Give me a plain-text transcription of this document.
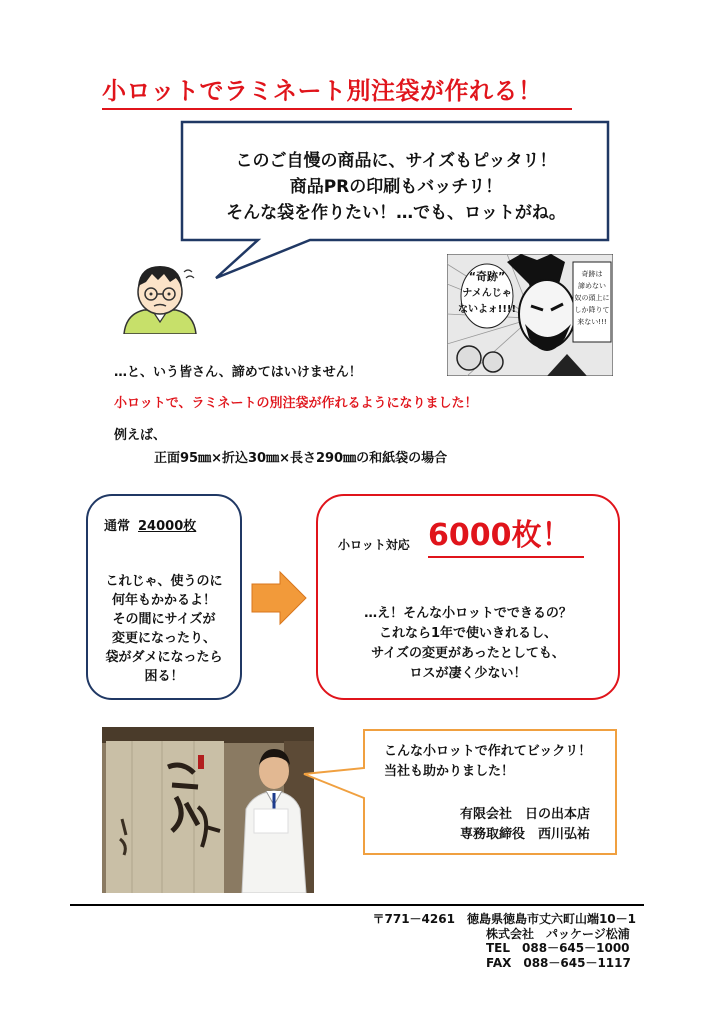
小ロットでラミネート別注袋が作れる！
このご自慢の商品に、サイズもピッタリ！
商品PRの印刷もバッチリ！
そんな袋を作りたい！…でも、ロットがね。
“奇跡”
ナメんじゃ
ないよォ!!!!
奇跡は
諦めない
奴の頭上に
しか降りて
来ない!!!
…と、いう皆さん、諦めてはいけません！
小ロットで、ラミネートの別注袋が作れるようになりました！
例えば、
正面95㎜×折込30㎜×長さ290㎜の和紙袋の場合
通常 24000枚
これじゃ、使うのに
何年もかかるよ！
その間にサイズが
変更になったり、
袋がダメになったら
困る！
小ロット対応 6000枚！
…え！そんな小ロットでできるの？
これなら1年で使いきれるし、
サイズの変更があったとしても、
ロスが凄く少ない！
こんな小ロットで作れてビックリ！
当社も助かりました！
有限会社　日の出本店
専務取締役　西川弘祐
〒771－4261　徳島県徳島市丈六町山端10－1
株式会社　パッケージ松浦
TEL　088－645－1000
FAX　088－645－1117
